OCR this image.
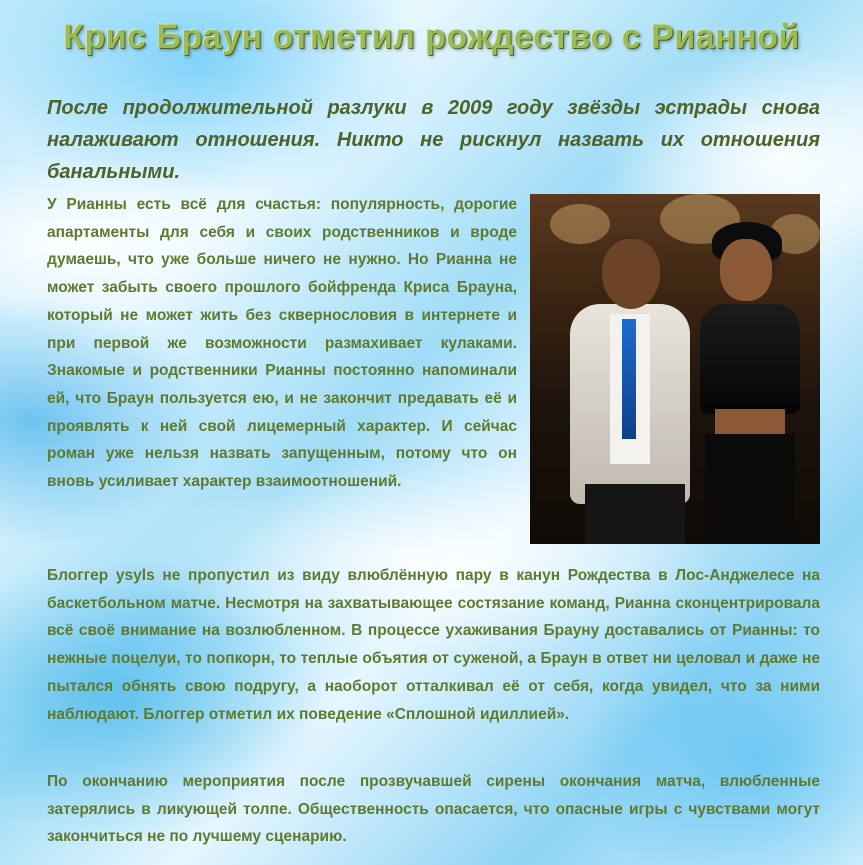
Крис Браун отметил рождество с Рианной
После продолжительной разлуки в 2009 году звёзды эстрады снова налаживают отношения. Никто не рискнул назвать их отношения банальными.
У Рианны есть всё для счастья: популярность, дорогие апартаменты для себя и своих родственников и вроде думаешь, что уже больше ничего не нужно. Но Рианна не может забыть своего прошлого бойфренда Криса Брауна, который не может жить без сквернословия в интернете и при первой же возможности размахивает кулаками. Знакомые и родственники Рианны постоянно напоминали ей, что Браун пользуется ею, и не закончит предавать её и проявлять к ней свой лицемерный характер. И сейчас роман уже нельзя назвать запущенным, потому что он вновь усиливает характер взаимоотношений.
Блоггер ysyls не пропустил из виду влюблённую пару в канун Рождества в Лос-Анджелесе на баскетбольном матче. Несмотря на захватывающее состязание команд, Рианна сконцентрировала всё своё внимание на возлюбленном. В процессе ухаживания Брауну доставались от Рианны: то нежные поцелуи, то попкорн, то теплые объятия от суженой, а Браун в ответ ни целовал и даже не пытался обнять свою подругу, а наоборот отталкивал её от себя, когда увидел, что за ними наблюдают. Блоггер отметил их поведение «Сплошной идиллией».
По окончанию мероприятия после прозвучавшей сирены окончания матча, влюбленные затерялись в ликующей толпе. Общественность опасается, что опасные игры с чувствами могут закончиться не по лучшему сценарию.
